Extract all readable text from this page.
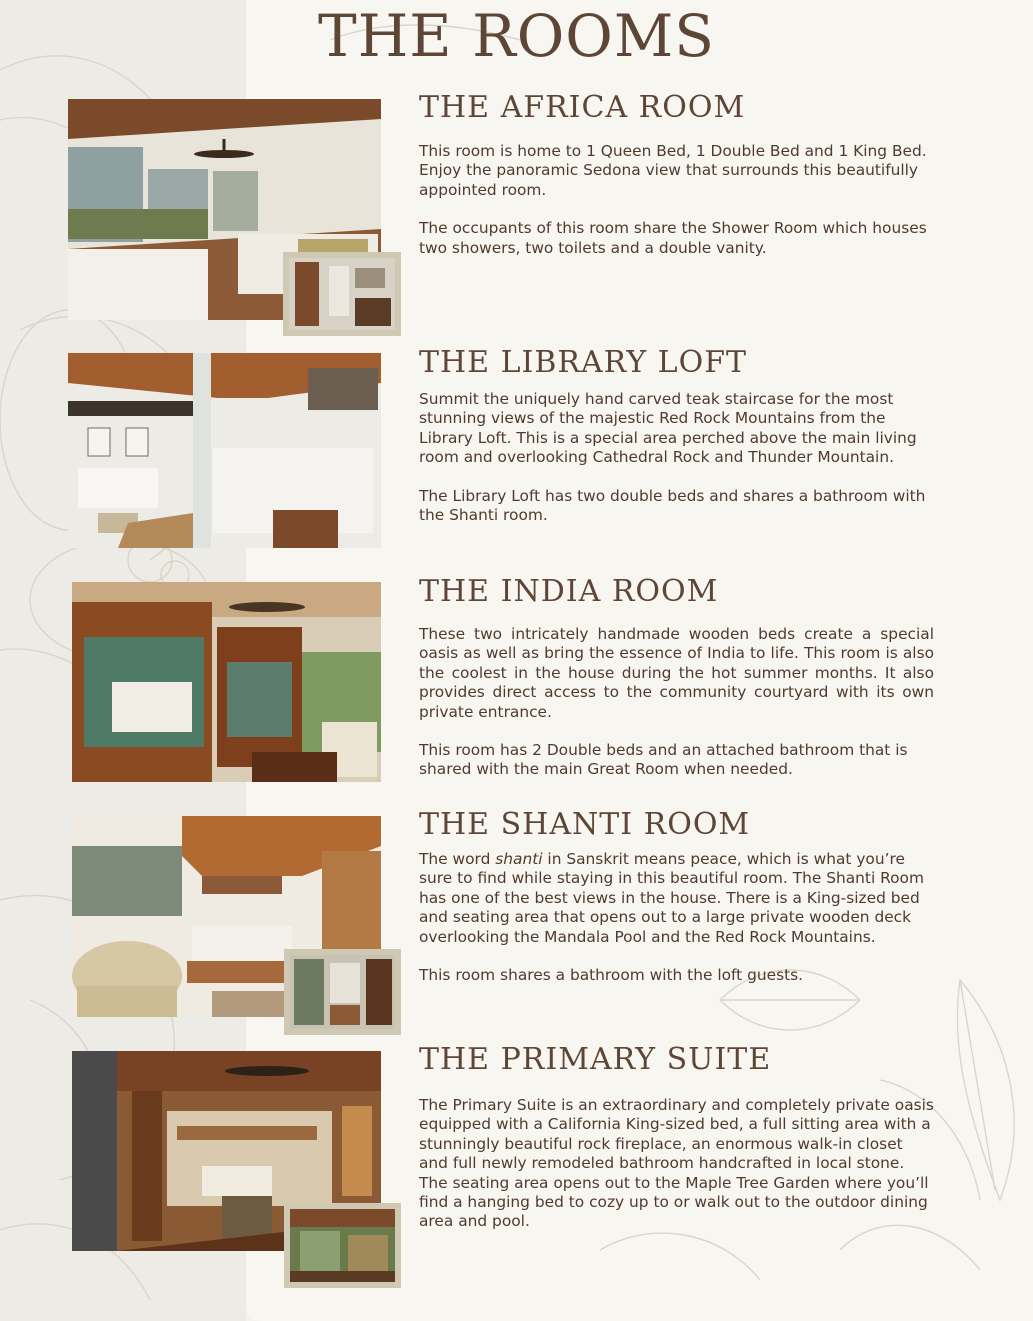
THE ROOMS
THE AFRICA ROOM

This room is home to 1 Queen Bed, 1 Double Bed and 1 King Bed. Enjoy the panoramic Sedona view that surrounds this beautifully appointed room.

The occupants of this room share the Shower Room which houses two showers, two toilets and a double vanity.

THE LIBRARY LOFT

Summit the uniquely hand carved teak staircase for the most stunning views of the majestic Red Rock Mountains from the Library Loft. This is a special area perched above the main living room and overlooking Cathedral Rock and Thunder Mountain.

The Library Loft has two double beds and shares a bathroom with the Shanti room.

THE INDIA ROOM

These two intricately handmade wooden beds create a special oasis as well as bring the essence of India to life. This room is also the coolest in the house during the hot summer months. It also provides direct access to the community courtyard with its own private entrance.

This room has 2 Double beds and an attached bathroom that is shared with the main Great Room when needed.

THE SHANTI ROOM

The word shanti in Sanskrit means peace, which is what you’re sure to find while staying in this beautiful room. The Shanti Room has one of the best views in the house. There is a King-sized bed and seating area that opens out to a large private wooden deck overlooking the Mandala Pool and the Red Rock Mountains.

This room shares a bathroom with the loft guests.

THE PRIMARY SUITE

The Primary Suite is an extraordinary and completely private oasis equipped with a California King-sized bed, a full sitting area with a stunningly beautiful rock fireplace, an enormous walk-in closet and full newly remodeled bathroom handcrafted in local stone. The seating area opens out to the Maple Tree Garden where you’ll find a hanging bed to cozy up to or walk out to the outdoor dining area and pool.
